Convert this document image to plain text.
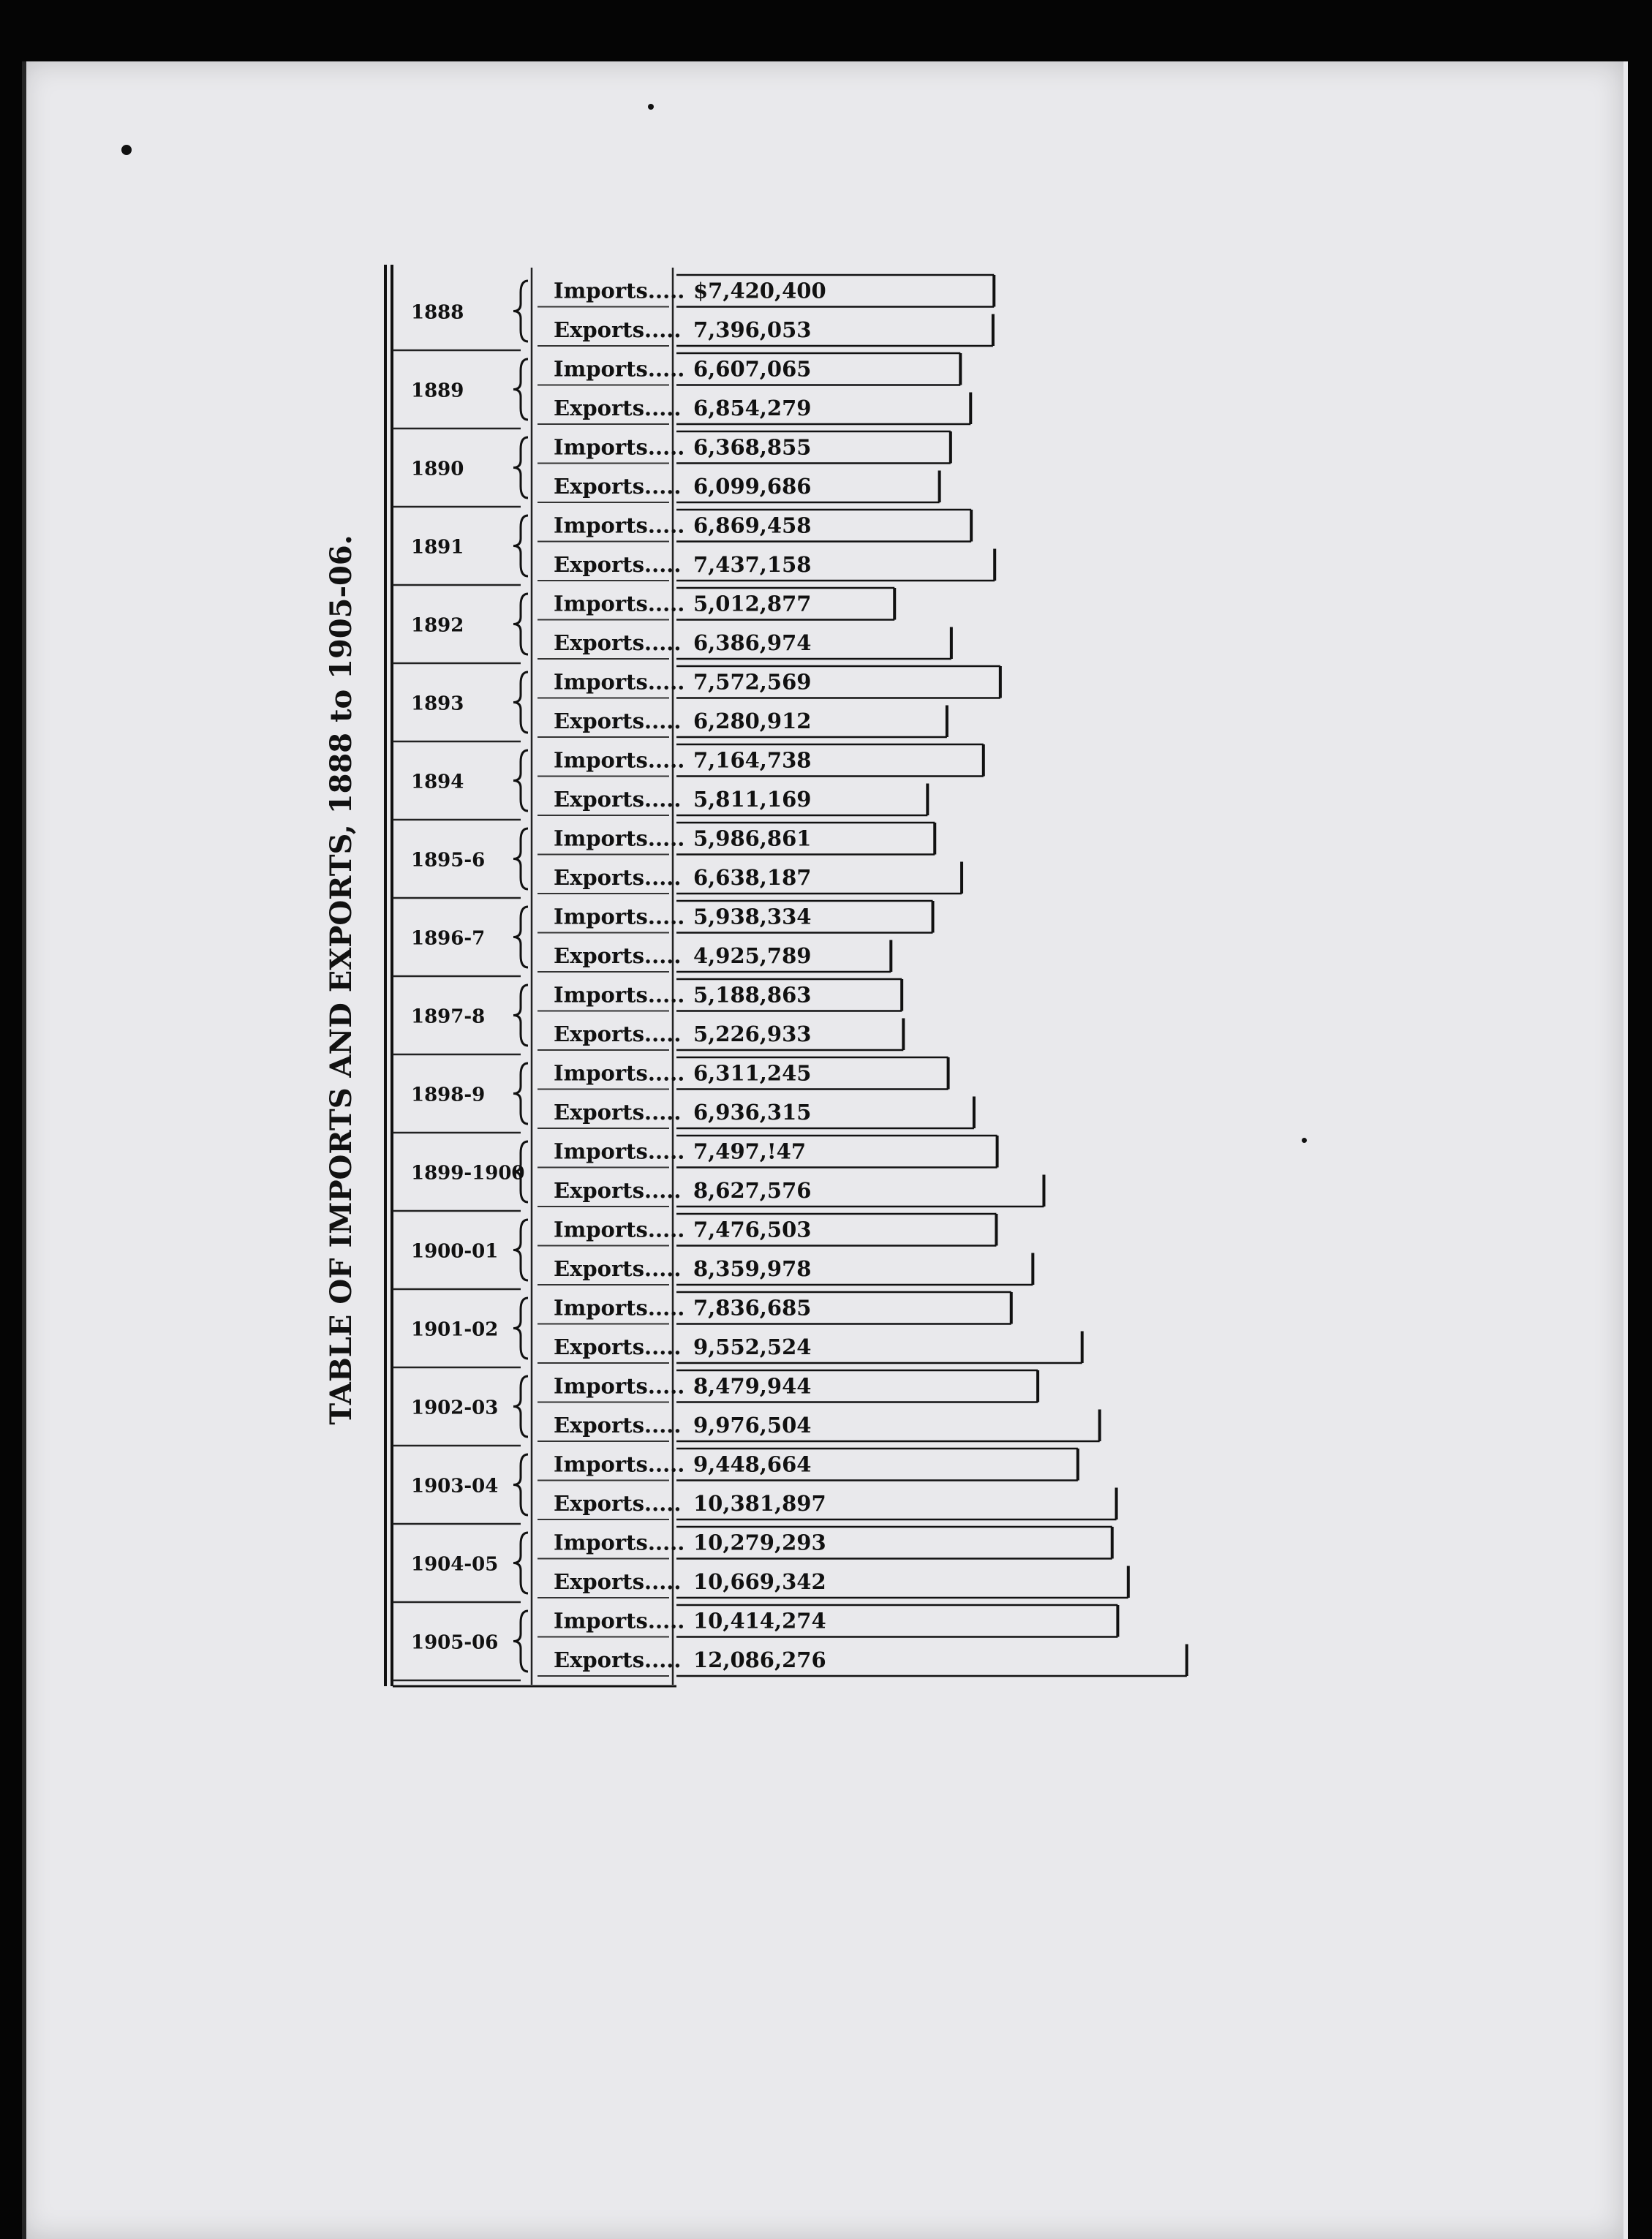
TABLE OF IMPORTS AND EXPORTS, 1888 to 1905-06.
1888
Imports..... $7,420,400
Exports..... 7,396,053
1889
Imports..... 6,607,065
Exports..... 6,854,279
1890
Imports..... 6,368,855
Exports..... 6,099,686
1891
Imports..... 6,869,458
Exports..... 7,437,158
1892
Imports..... 5,012,877
Exports..... 6,386,974
1893
Imports..... 7,572,569
Exports..... 6,280,912
1894
Imports..... 7,164,738
Exports..... 5,811,169
1895-6
Imports..... 5,986,861
Exports..... 6,638,187
1896-7
Imports..... 5,938,334
Exports..... 4,925,789
1897-8
Imports..... 5,188,863
Exports..... 5,226,933
1898-9
Imports..... 6,311,245
Exports..... 6,936,315
1899-1900
Imports..... 7,497,!47
Exports..... 8,627,576
1900-01
Imports..... 7,476,503
Exports..... 8,359,978
1901-02
Imports..... 7,836,685
Exports..... 9,552,524
1902-03
Imports..... 8,479,944
Exports..... 9,976,504
1903-04
Imports..... 9,448,664
Exports..... 10,381,897
1904-05
Imports..... 10,279,293
Exports..... 10,669,342
1905-06
Imports..... 10,414,274
Exports..... 12,086,276
